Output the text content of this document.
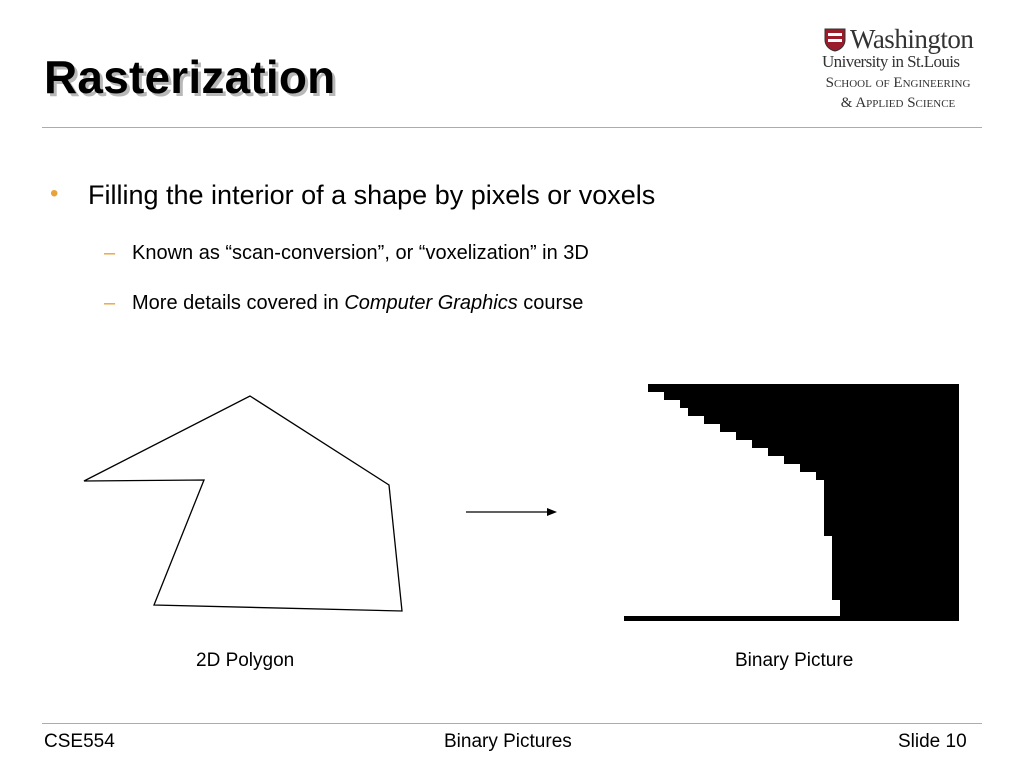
Rasterization
Washington
University in St.Louis
School of Engineering
& Applied Science
• Filling the interior of a shape by pixels or voxels
– Known as “scan-conversion”, or “voxelization” in 3D
– More details covered in Computer Graphics course
2D Polygon	Binary Picture
CSE554	Binary Pictures	Slide 10
